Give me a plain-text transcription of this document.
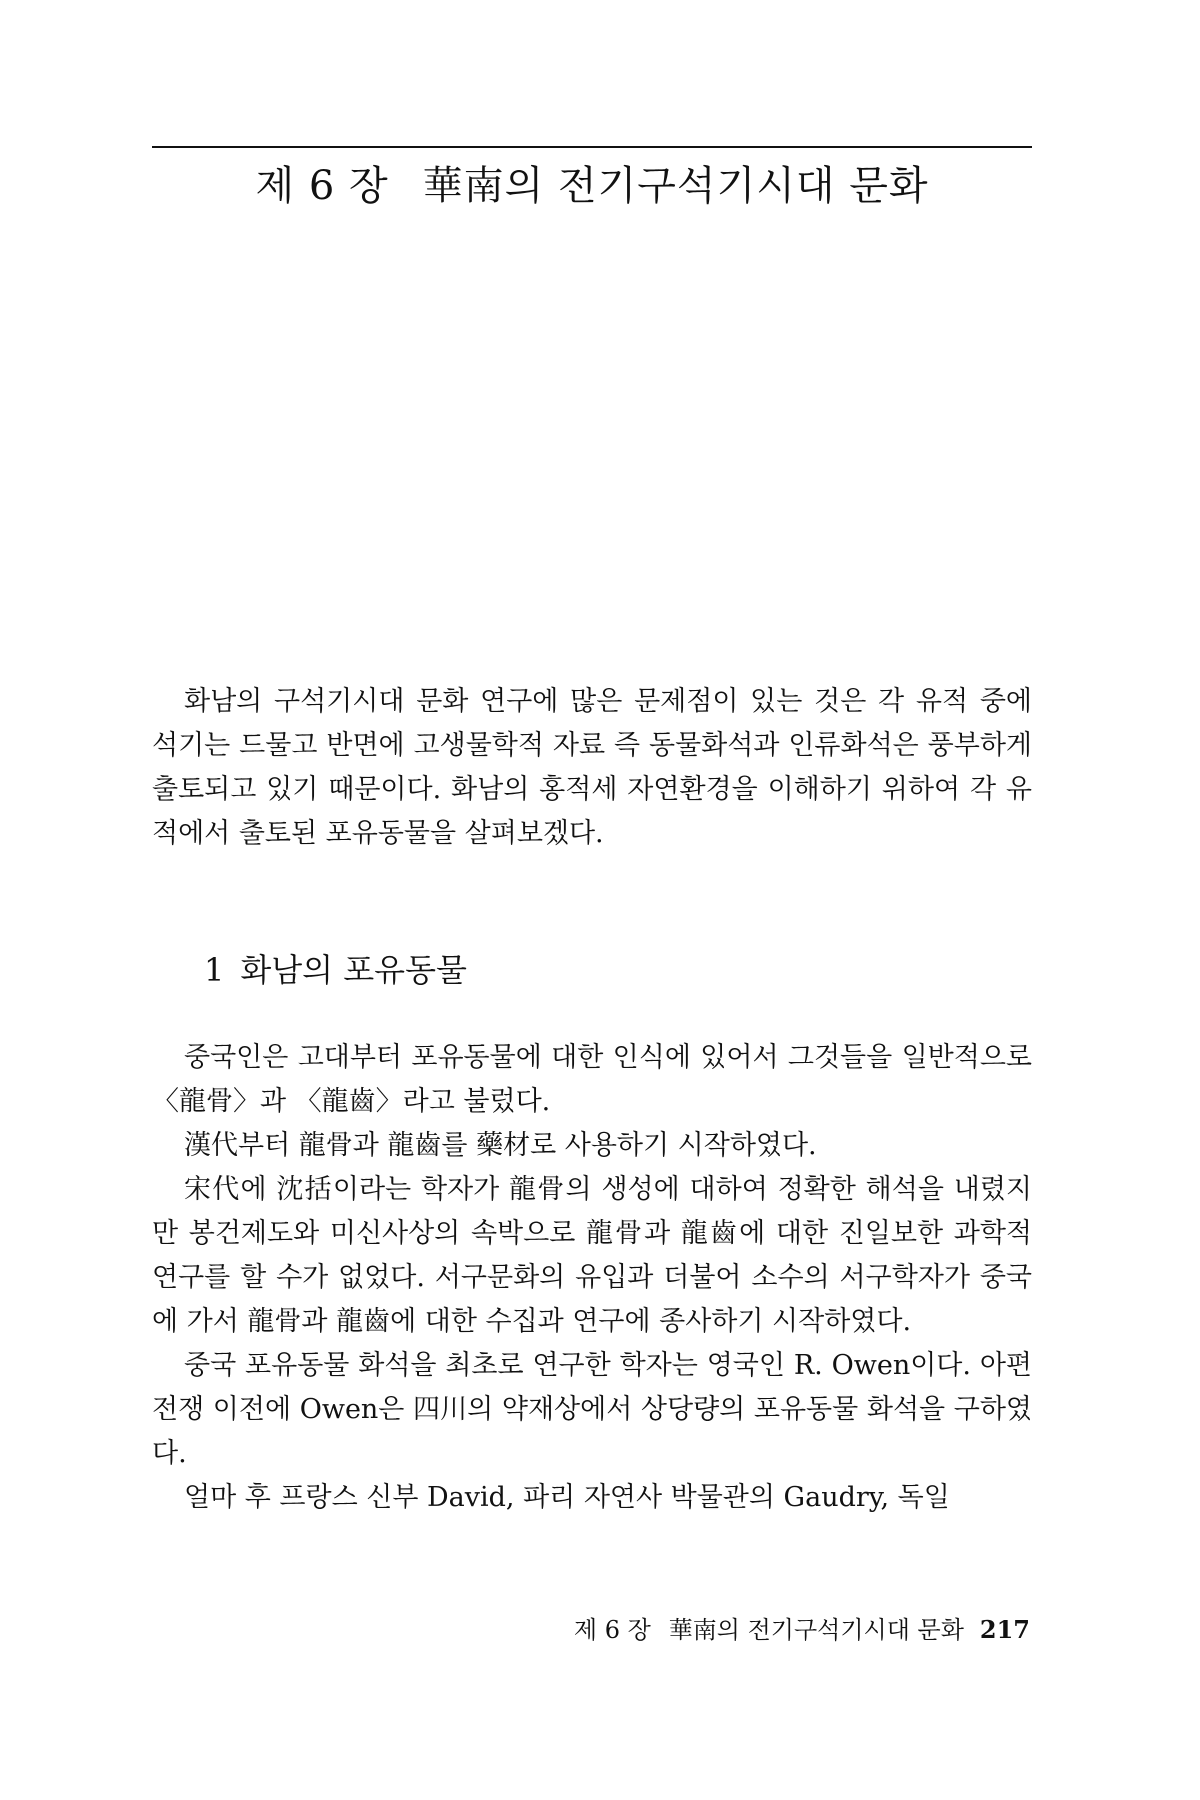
제 6 장 華南의 전기구석기시대 문화

화남의 구석기시대 문화 연구에 많은 문제점이 있는 것은 각 유적 중에 석기는 드물고 반면에 고생물학적 자료 즉 동물화석과 인류화석은 풍부하게 출토되고 있기 때문이다. 화남의 홍적세 자연환경을 이해하기 위하여 각 유적에서 출토된 포유동물을 살펴보겠다.

1 화남의 포유동물

중국인은 고대부터 포유동물에 대한 인식에 있어서 그것들을 일반적으로 〈龍骨〉과 〈龍齒〉라고 불렀다.

漢代부터 龍骨과 龍齒를 藥材로 사용하기 시작하였다.

宋代에 沈括이라는 학자가 龍骨의 생성에 대하여 정확한 해석을 내렸지만 봉건제도와 미신사상의 속박으로 龍骨과 龍齒에 대한 진일보한 과학적 연구를 할 수가 없었다. 서구문화의 유입과 더불어 소수의 서구학자가 중국에 가서 龍骨과 龍齒에 대한 수집과 연구에 종사하기 시작하였다.

중국 포유동물 화석을 최초로 연구한 학자는 영국인 R. Owen이다. 아편전쟁 이전에 Owen은 四川의 약재상에서 상당량의 포유동물 화석을 구하였다.

얼마 후 프랑스 신부 David, 파리 자연사 박물관의 Gaudry, 독일

제 6 장 華南의 전기구석기시대 문화 217
